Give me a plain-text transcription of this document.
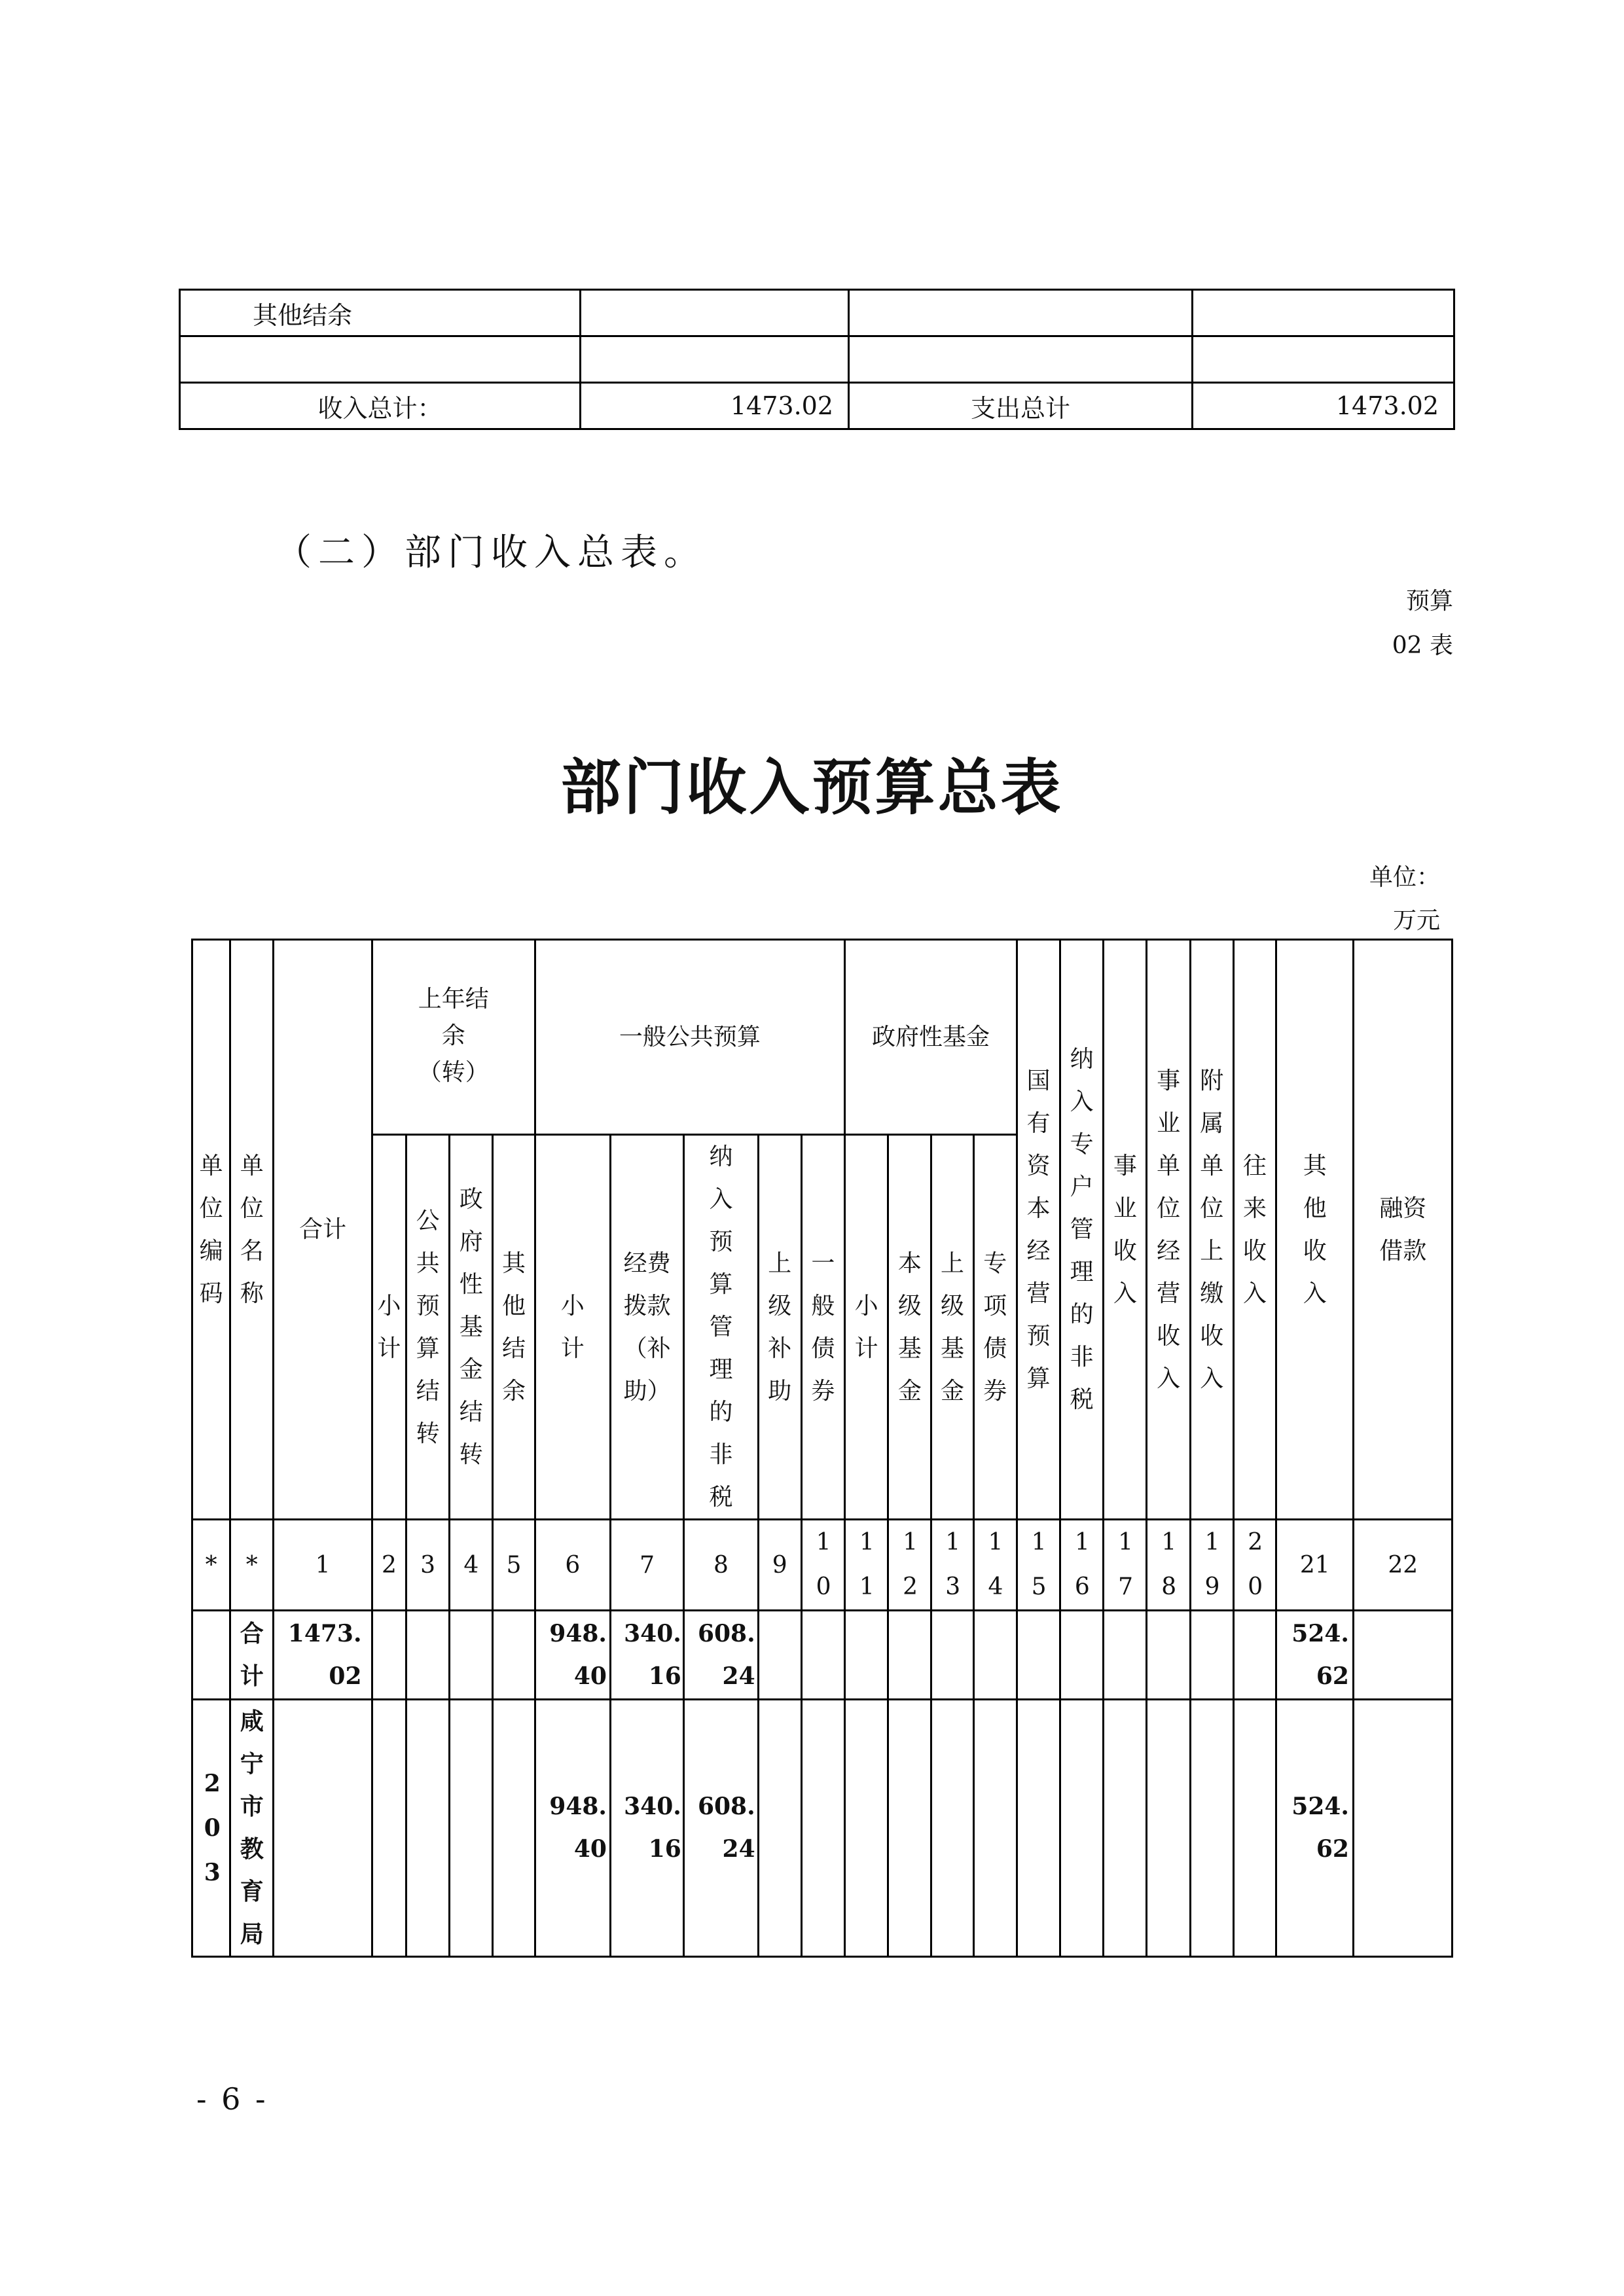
其他结余			

收入总计：	1473.02	支出总计	1473.02
（二）部门收入总表。
预算
02 表
部门收入预算总表
单位：
万元
单位编码	单位名称	合计	上年结余（转）				一般公共预算					政府性基金				国有资本经营预算	纳入专户管理的非税	事业收入	事业单位经营收入	附属单位上缴收入	往来收入	其他收入	融资借款
			小计	公共预算结转	政府性基金结转	其他结余	小计	经费拨款（补助）	纳入预算管理的非税	上级补助	一般债券	小计	本级基金	上级基金	专项债券								
*	*	1	2	3	4	5	6	7	8	9	10	11	12	13	14	15	16	17	18	19	20	21	22
	合计	1473.02					948.40	340.16	608.24													524.62	
203	咸宁市教育局						948.40	340.16	608.24													524.62	
- 6 -
